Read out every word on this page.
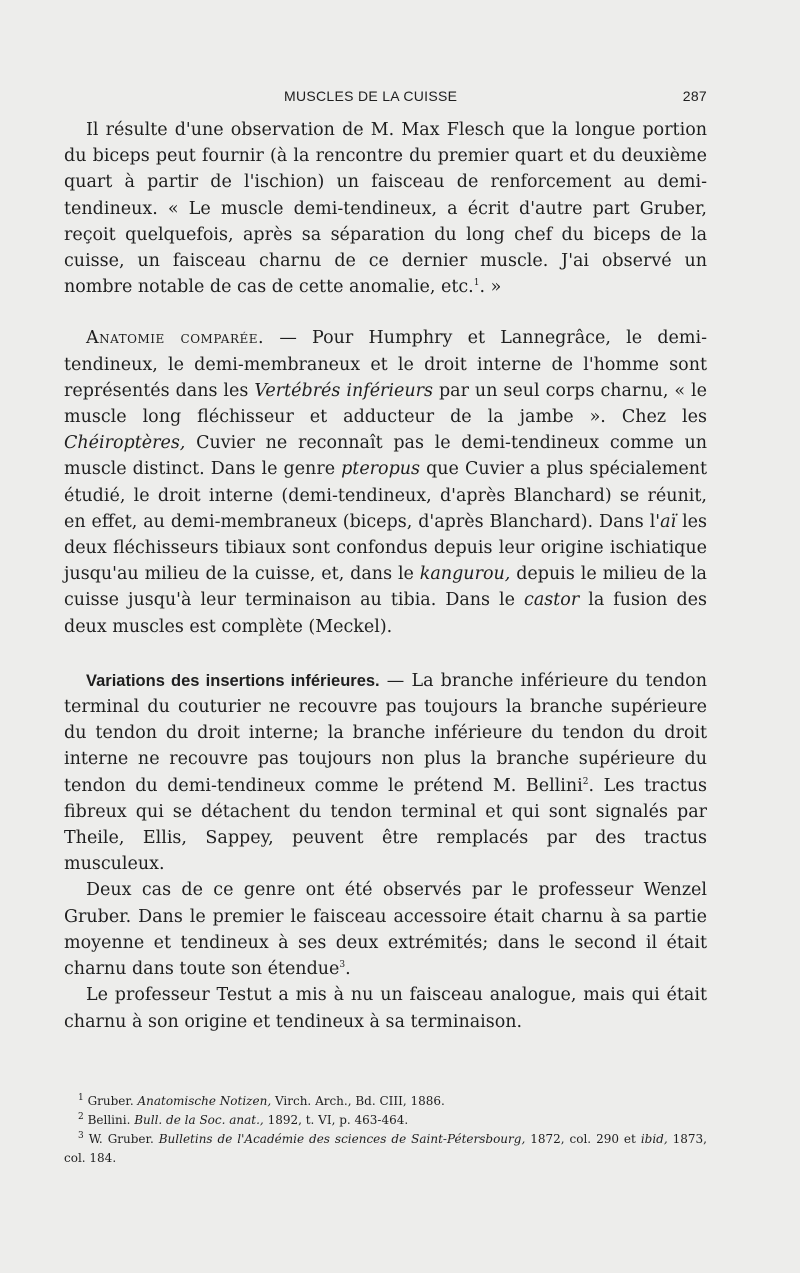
MUSCLES DE LA CUISSE	287

Il résulte d'une observation de M. Max Flesch que la longue portion du biceps peut fournir (à la rencontre du premier quart et du deuxième quart à partir de l'ischion) un faisceau de renforcement au demi-tendineux. « Le muscle demi-tendineux, a écrit d'autre part Gruber, reçoit quelquefois, après sa séparation du long chef du biceps de la cuisse, un faisceau charnu de ce dernier muscle. J'ai observé un nombre notable de cas de cette anomalie, etc.$^1$. »

Anatomie comparée. — Pour Humphry et Lannegrâce, le demi-tendineux, le demi-membraneux et le droit interne de l'homme sont représentés dans les Vertébrés inférieurs par un seul corps charnu, « le muscle long fléchisseur et adducteur de la jambe ». Chez les Chéiroptères, Cuvier ne reconnaît pas le demi-tendineux comme un muscle distinct. Dans le genre pteropus que Cuvier a plus spécialement étudié, le droit interne (demi-tendineux, d'après Blanchard) se réunit, en effet, au demi-membraneux (biceps, d'après Blanchard). Dans l'aï les deux fléchisseurs tibiaux sont confondus depuis leur origine ischiatique jusqu'au milieu de la cuisse, et, dans le kangurou, depuis le milieu de la cuisse jusqu'à leur terminaison au tibia. Dans le castor la fusion des deux muscles est complète (Meckel).

Variations des insertions inférieures. — La branche inférieure du tendon terminal du couturier ne recouvre pas toujours la branche supérieure du tendon du droit interne; la branche inférieure du tendon du droit interne ne recouvre pas toujours non plus la branche supérieure du tendon du demi-tendineux comme le prétend M. Bellini$^2$. Les tractus fibreux qui se détachent du tendon terminal et qui sont signalés par Theile, Ellis, Sappey, peuvent être remplacés par des tractus musculeux.

Deux cas de ce genre ont été observés par le professeur Wenzel Gruber. Dans le premier le faisceau accessoire était charnu à sa partie moyenne et tendineux à ses deux extrémités; dans le second il était charnu dans toute son étendue$^3$.

Le professeur Testut a mis à nu un faisceau analogue, mais qui était charnu à son origine et tendineux à sa terminaison.

$^1$ Gruber. Anatomische Notizen, Virch. Arch., Bd. CIII, 1886.

$^2$ Bellini. Bull. de la Soc. anat., 1892, t. VI, p. 463-464.

$^3$ W. Gruber. Bulletins de l'Académie des sciences de Saint-Pétersbourg, 1872, col. 290 et ibid, 1873, col. 184.
